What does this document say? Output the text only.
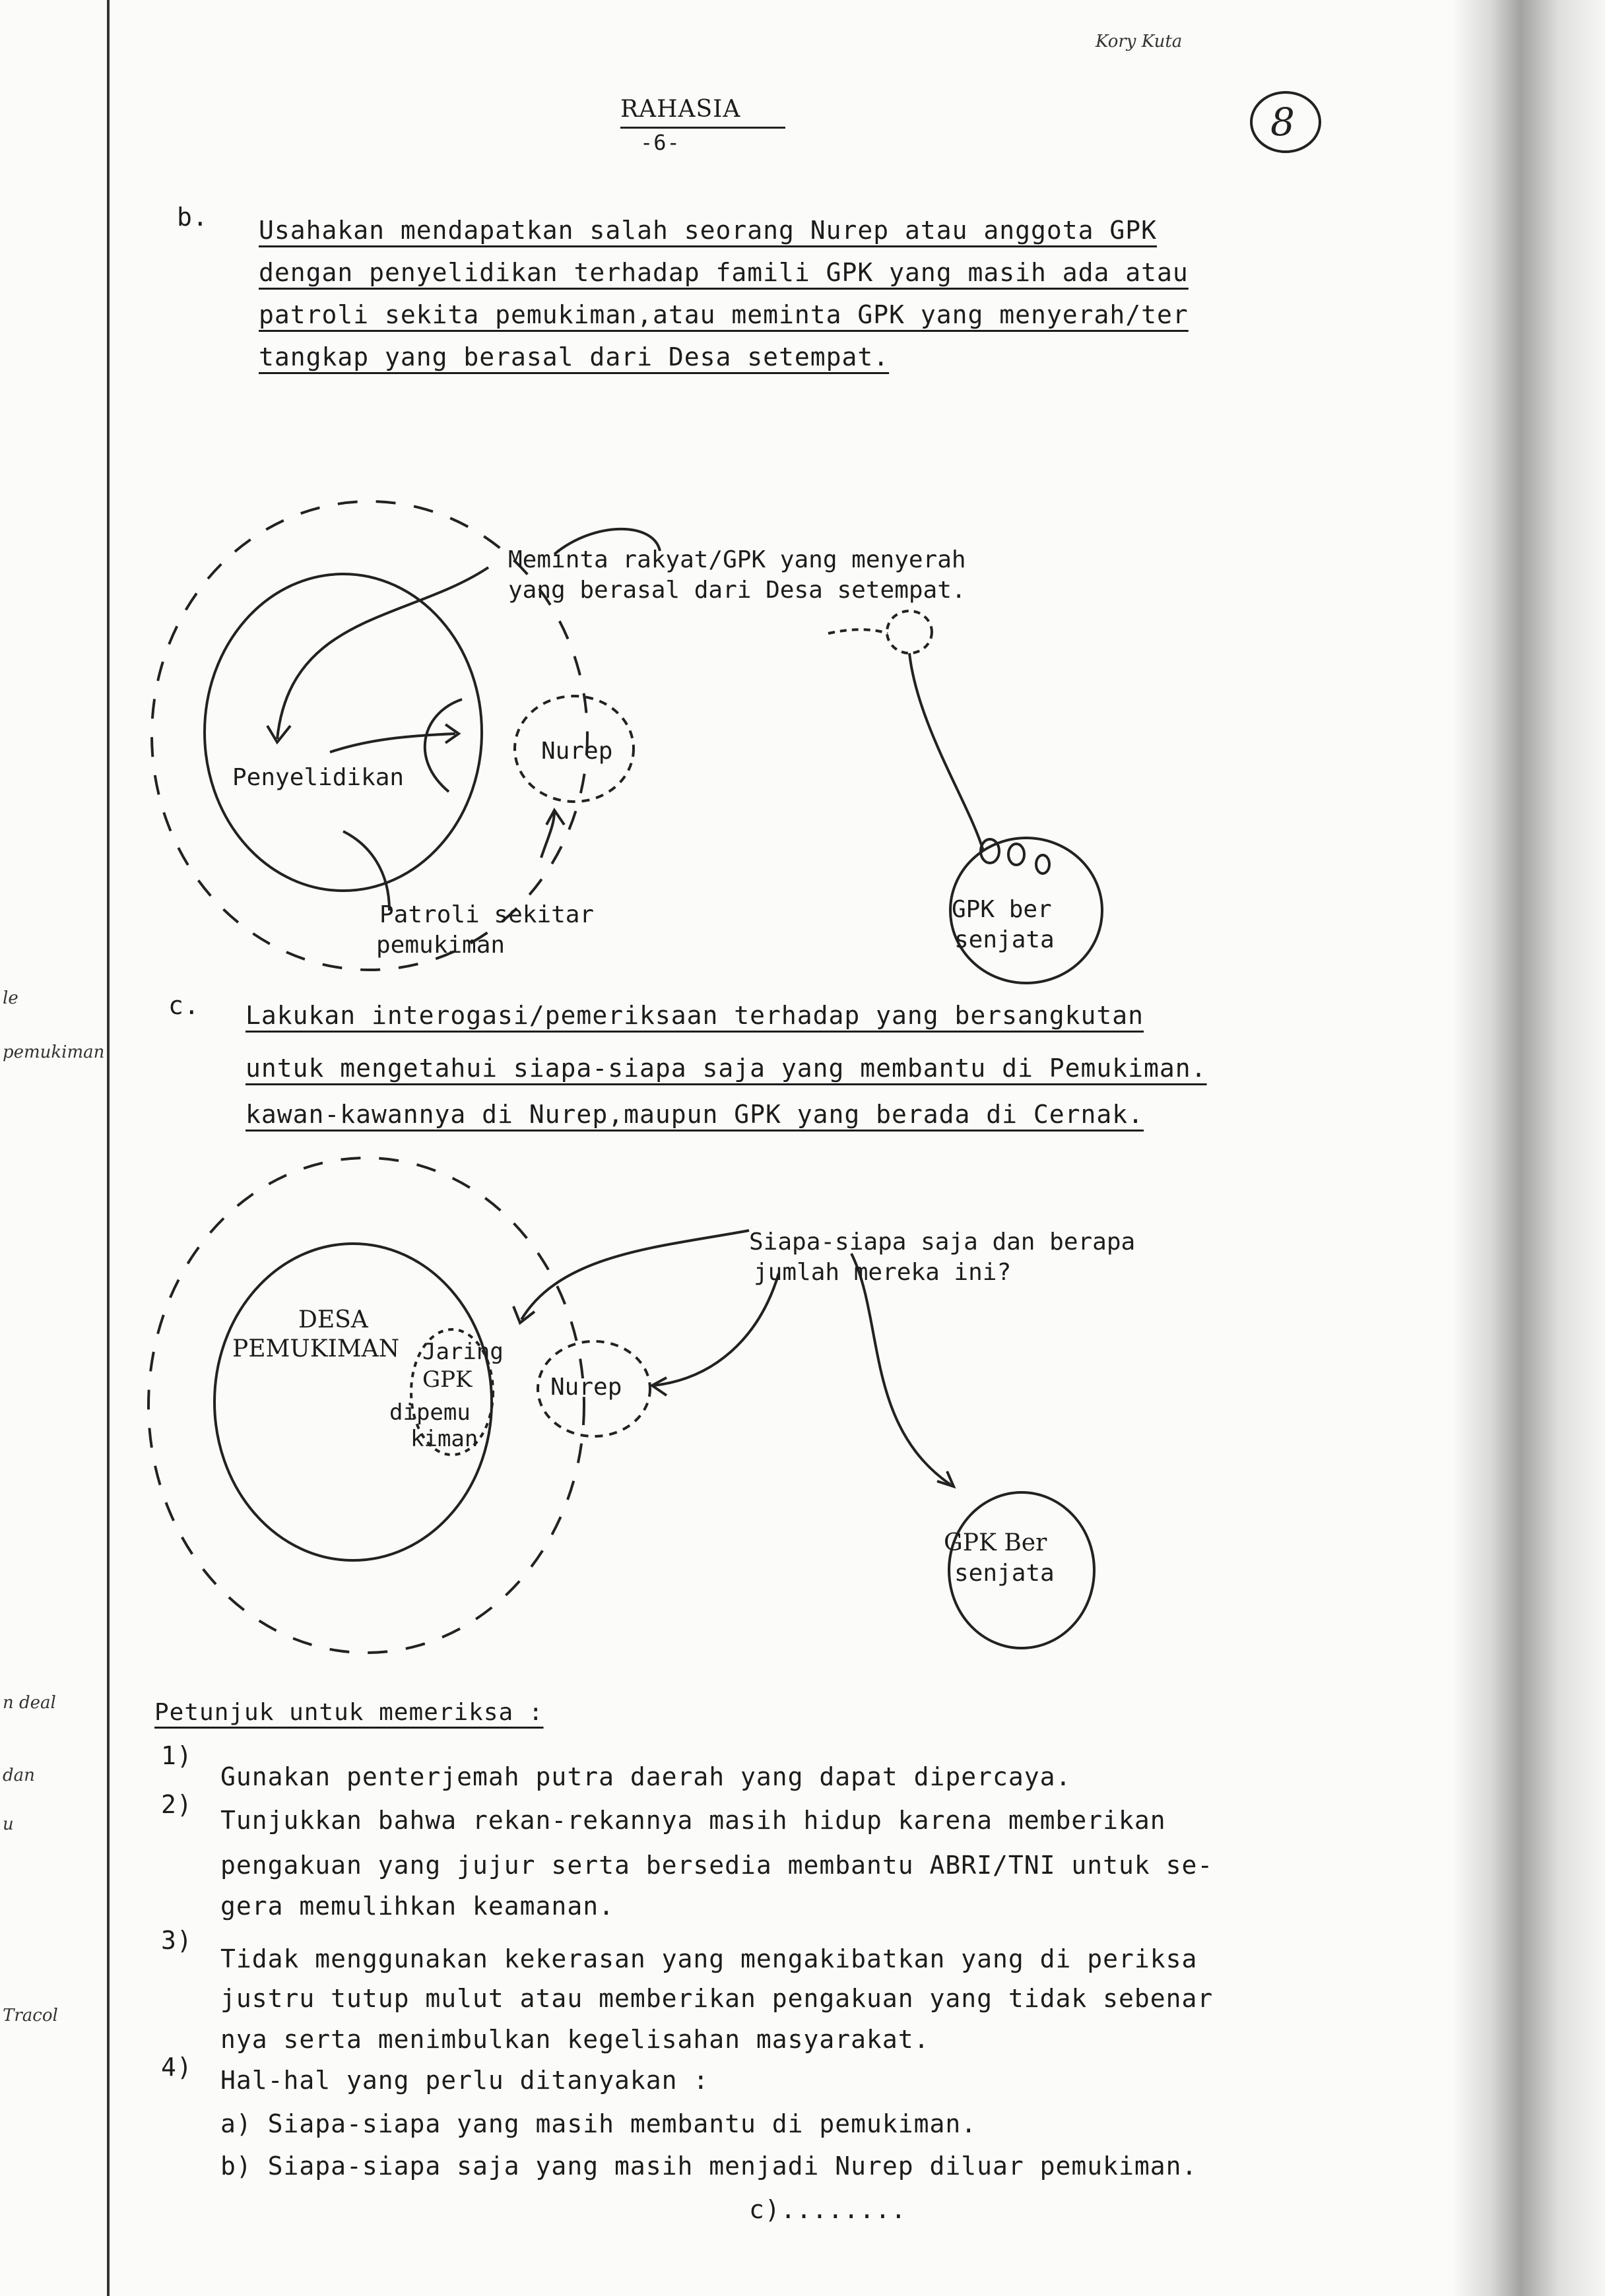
RAHASIA
-6-
Kory Kuta
8
b. Usahakan mendapatkan salah seorang Nurep atau anggota GPK
dengan penyelidikan terhadap famili GPK yang masih ada atau
patroli sekita pemukiman,atau meminta GPK yang menyerah/ter
tangkap yang berasal dari Desa setempat.
Meminta rakyat/GPK yang menyerah
yang berasal dari Desa setempat.
Penyelidikan
Nurep
Patroli sekitar
pemukiman
GPK ber
senjata
c. Lakukan interogasi/pemeriksaan terhadap yang bersangkutan
untuk mengetahui siapa-siapa saja yang membantu di Pemukiman.
kawan-kawannya di Nurep,maupun GPK yang berada di Cernak.
Siapa-siapa saja dan berapa
jumlah mereka ini?
DESA
PEMUKIMAN Jaring
GPK
dipemu
kiman
Nurep
GPK Ber
senjata
Petunjuk untuk memeriksa :
1)
Gunakan penterjemah putra daerah yang dapat dipercaya.
2)
Tunjukkan bahwa rekan-rekannya masih hidup karena memberikan
pengakuan yang jujur serta bersedia membantu ABRI/TNI untuk se-
gera memulihkan keamanan.
3)
Tidak menggunakan kekerasan yang mengakibatkan yang di periksa
justru tutup mulut atau memberikan pengakuan yang tidak sebenar
nya serta menimbulkan kegelisahan masyarakat.
4) Hal-hal yang perlu ditanyakan :
a) Siapa-siapa yang masih membantu di pemukiman.
b) Siapa-siapa saja yang masih menjadi Nurep diluar pemukiman.
c)........
le
pemukiman
n deal
dan
u
Tracol
